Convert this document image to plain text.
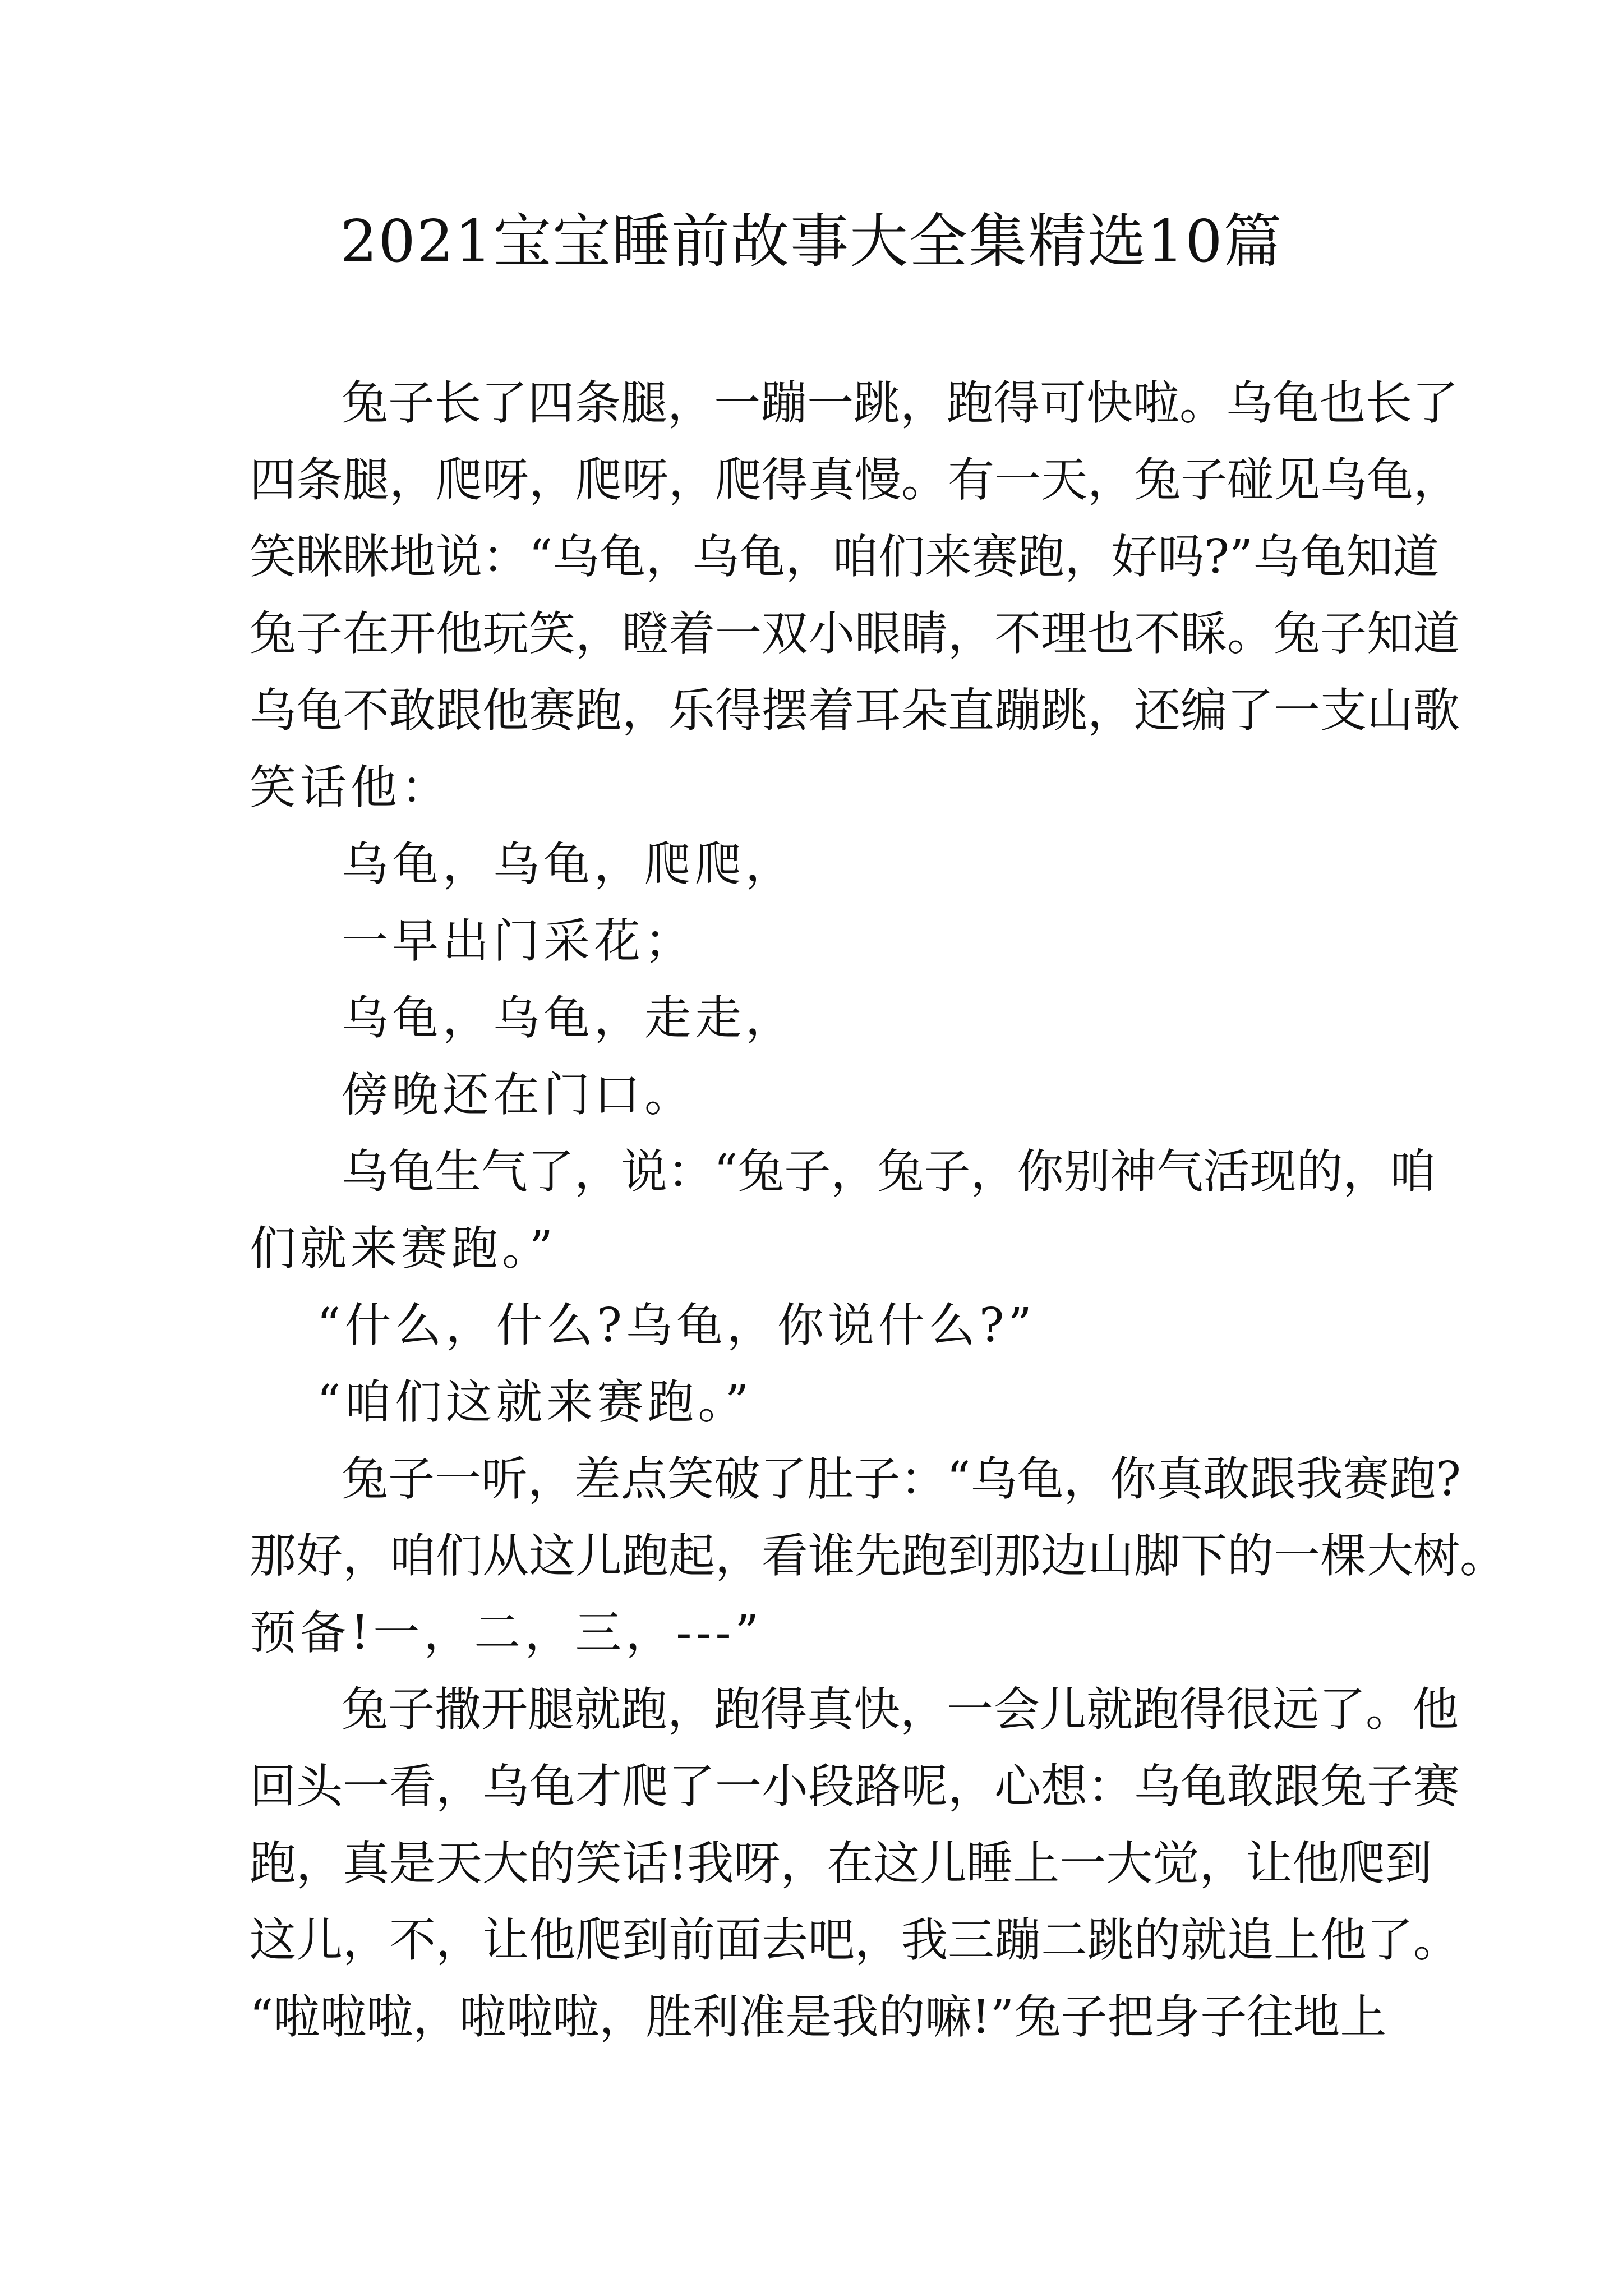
2021宝宝睡前故事大全集精选10篇
兔子长了四条腿，一蹦一跳，跑得可快啦。乌龟也长了
四条腿，爬呀，爬呀，爬得真慢。有一天，兔子碰见乌龟，
笑眯眯地说：“乌龟，乌龟，咱们来赛跑，好吗?”乌龟知道
兔子在开他玩笑，瞪着一双小眼睛，不理也不睬。兔子知道
乌龟不敢跟他赛跑，乐得摆着耳朵直蹦跳，还编了一支山歌
笑话他：
乌龟，乌龟，爬爬，
一早出门采花；
乌龟，乌龟，走走，
傍晚还在门口。
乌龟生气了，说：“兔子，兔子，你别神气活现的，咱
们就来赛跑。”
“什么，什么?乌龟，你说什么?”
“咱们这就来赛跑。”
兔子一听，差点笑破了肚子：“乌龟，你真敢跟我赛跑?
那好，咱们从这儿跑起，看谁先跑到那边山脚下的一棵大树。
预备!一，二，三，---”
兔子撒开腿就跑，跑得真快，一会儿就跑得很远了。他
回头一看，乌龟才爬了一小段路呢，心想：乌龟敢跟兔子赛
跑，真是天大的笑话!我呀，在这儿睡上一大觉，让他爬到
这儿，不，让他爬到前面去吧，我三蹦二跳的就追上他了。
“啦啦啦，啦啦啦，胜利准是我的嘛!”兔子把身子往地上
